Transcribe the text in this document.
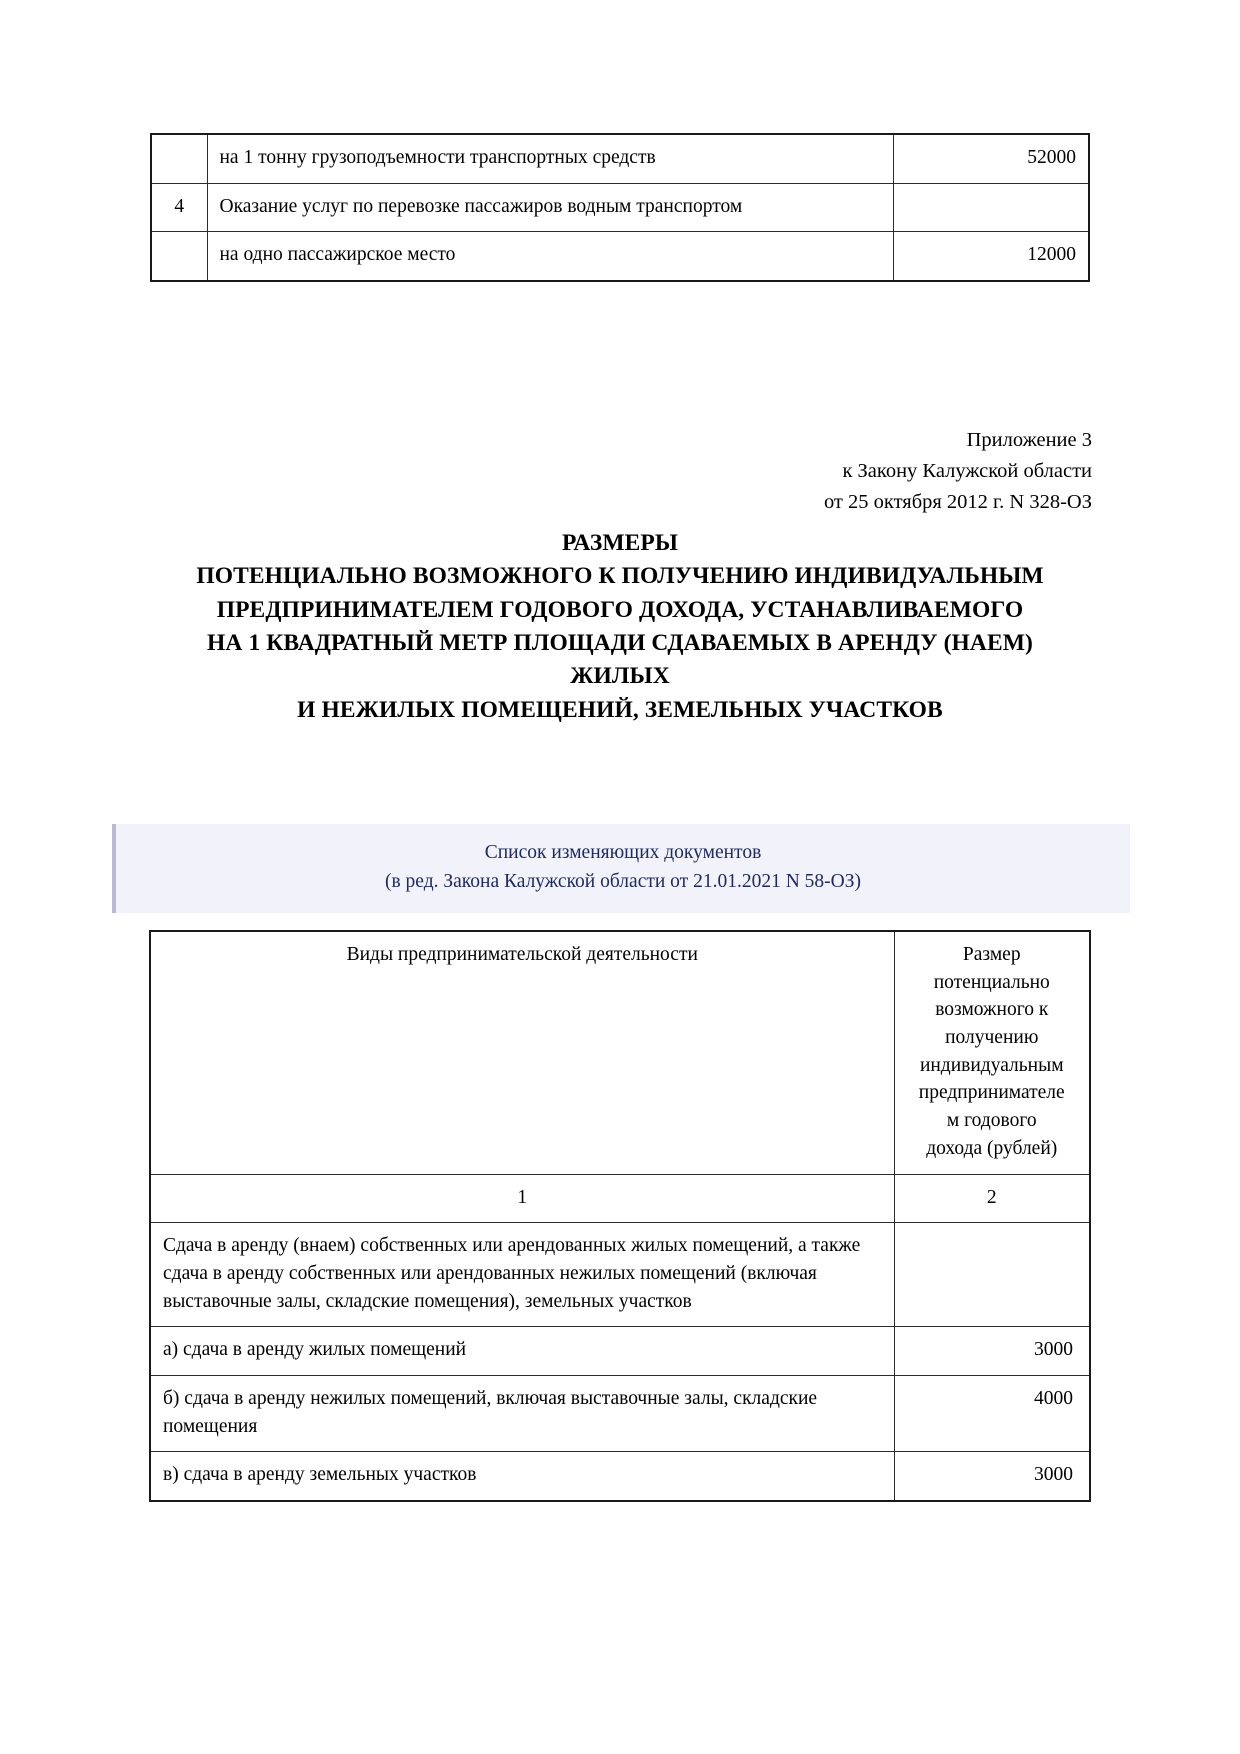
	на 1 тонну грузоподъемности транспортных средств	52000
4	Оказание услуг по перевозке пассажиров водным транспортом	
	на одно пассажирское место	12000
Приложение 3
к Закону Калужской области
от 25 октября 2012 г. N 328-ОЗ
РАЗМЕРЫ
ПОТЕНЦИАЛЬНО ВОЗМОЖНОГО К ПОЛУЧЕНИЮ ИНДИВИДУАЛЬНЫМ
ПРЕДПРИНИМАТЕЛЕМ ГОДОВОГО ДОХОДА, УСТАНАВЛИВАЕМОГО
НА 1 КВАДРАТНЫЙ МЕТР ПЛОЩАДИ СДАВАЕМЫХ В АРЕНДУ (НАЕМ)
ЖИЛЫХ
И НЕЖИЛЫХ ПОМЕЩЕНИЙ, ЗЕМЕЛЬНЫХ УЧАСТКОВ
Список изменяющих документов
(в ред. Закона Калужской области от 21.01.2021 N 58-ОЗ)
Виды предпринимательской деятельности	Размер
потенциально
возможного к
получению
индивидуальным
предпринимателе
м годового
дохода (рублей)

1	2
Сдача в аренду (внаем) собственных или арендованных жилых помещений, а также сдача в аренду собственных или арендованных нежилых помещений (включая выставочные залы, складские помещения), земельных участков	
а) сдача в аренду жилых помещений	3000
б) сдача в аренду нежилых помещений, включая выставочные залы, складские помещения	4000
в) сдача в аренду земельных участков	3000
